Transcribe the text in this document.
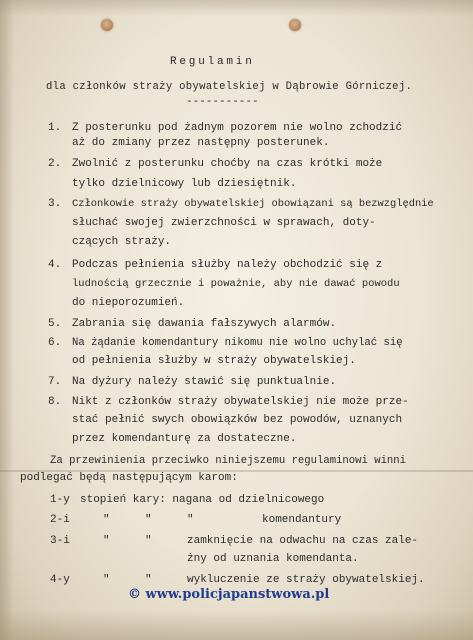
Regulamin
dla członków straży obywatelskiej w Dąbrowie Górniczej.
-----------
1. Z posterunku pod żadnym pozorem nie wolno zchodzić
aż do zmiany przez następny posterunek.
2. Zwolnić z posterunku choćby na czas krótki może
tylko dzielnicowy lub dziesiętnik.
3. Członkowie straży obywatelskiej obowiązani są bezwzględnie
słuchać swojej zwierzchności w sprawach, doty-
czących straży.
4. Podczas pełnienia służby należy obchodzić się z
ludnością grzecznie i poważnie, aby nie dawać powodu
do nieporozumień.
5. Zabrania się dawania fałszywych alarmów.
6. Na żądanie komendantury nikomu nie wolno uchylać się
od pełnienia służby w straży obywatelskiej.
7. Na dyżury należy stawić się punktualnie.
8. Nikt z członków straży obywatelskiej nie może prze-
stać pełnić swych obowiązków bez powodów, uznanych
przez komendanturę za dostateczne.
Za przewinienia przeciwko niniejszemu regulaminowi winni
podlegać będą następującym karom:
1-y stopień kary: nagana od dzielnicowego
2-i	"	"	"	komendantury
3-i	"	"	zamknięcie na odwachu na czas zale-
żny od uznania komendanta.
4-y	"	"	wykluczenie ze straży obywatelskiej.
© www.policjapanstwowa.pl
